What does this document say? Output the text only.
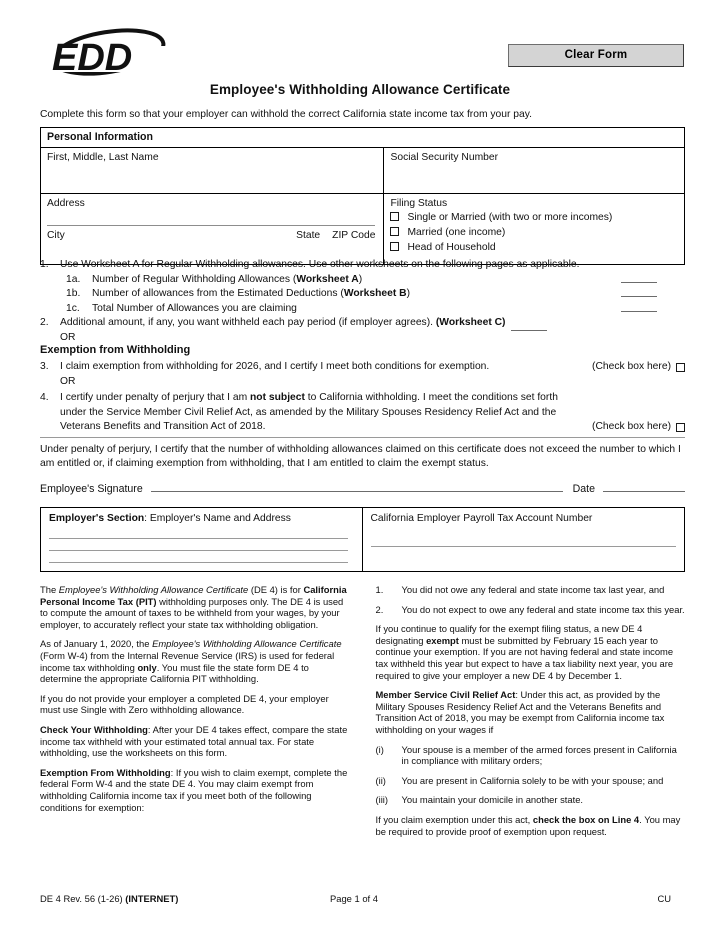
EDD	Clear Form
Employee's Withholding Allowance Certificate
Complete this form so that your employer can withhold the correct California state income tax from your pay.
Personal Information
First, Middle, Last Name	Social Security Number
Address
City	State ZIP Code
Filing Status
Single or Married (with two or more incomes)
Married (one income)
Head of Household
1.	Use Worksheet A for Regular Withholding allowances. Use other worksheets on the following pages as applicable.
1a.	Number of Regular Withholding Allowances (Worksheet A)
1b.	Number of allowances from the Estimated Deductions (Worksheet B)
1c.	Total Number of Allowances you are claiming
2.	Additional amount, if any, you want withheld each pay period (if employer agrees). (Worksheet C)
OR
Exemption from Withholding
3.	I claim exemption from withholding for 2026, and I certify I meet both conditions for exemption.	(Check box here)
OR
4.	I certify under penalty of perjury that I am not subject to California withholding. I meet the conditions set forth under the Service Member Civil Relief Act, as amended by the Military Spouses Residency Relief Act and the Veterans Benefits and Transition Act of 2018.	(Check box here)
Under penalty of perjury, I certify that the number of withholding allowances claimed on this certificate does not exceed the number to which I am entitled or, if claiming exemption from withholding, that I am entitled to claim the exempt status.
Employee's Signature	Date
Employer's Section: Employer's Name and Address	California Employer Payroll Tax Account Number

The Employee's Withholding Allowance Certificate (DE 4) is for California Personal Income Tax (PIT) withholding purposes only. The DE 4 is used to compute the amount of taxes to be withheld from your wages, by your employer, to accurately reflect your state tax withholding obligation.

As of January 1, 2020, the Employee's Withholding Allowance Certificate (Form W-4) from the Internal Revenue Service (IRS) is used for federal income tax withholding only. You must file the state form DE 4 to determine the appropriate California PIT withholding.

If you do not provide your employer a completed DE 4, your employer must use Single with Zero withholding allowance.

Check Your Withholding: After your DE 4 takes effect, compare the state income tax withheld with your estimated total annual tax. For state withholding, use the worksheets on this form.

Exemption From Withholding: If you wish to claim exempt, complete the federal Form W-4 and the state DE 4. You may claim exempt from withholding California income tax if you meet both of the following conditions for exemption:

1.	You did not owe any federal and state income tax last year, and
2.	You do not expect to owe any federal and state income tax this year.

If you continue to qualify for the exempt filing status, a new DE 4 designating exempt must be submitted by February 15 each year to continue your exemption. If you are not having federal and state income tax withheld this year but expect to have a tax liability next year, you are required to give your employer a new DE 4 by December 1.

Member Service Civil Relief Act: Under this act, as provided by the Military Spouses Residency Relief Act and the Veterans Benefits and Transition Act of 2018, you may be exempt from California income tax withholding on your wages if

(i)	Your spouse is a member of the armed forces present in California in compliance with military orders;
(ii)	You are present in California solely to be with your spouse; and
(iii)	You maintain your domicile in another state.

If you claim exemption under this act, check the box on Line 4. You may be required to provide proof of exemption upon request.

DE 4 Rev. 56 (1-26) (INTERNET)	Page 1 of 4	CU
